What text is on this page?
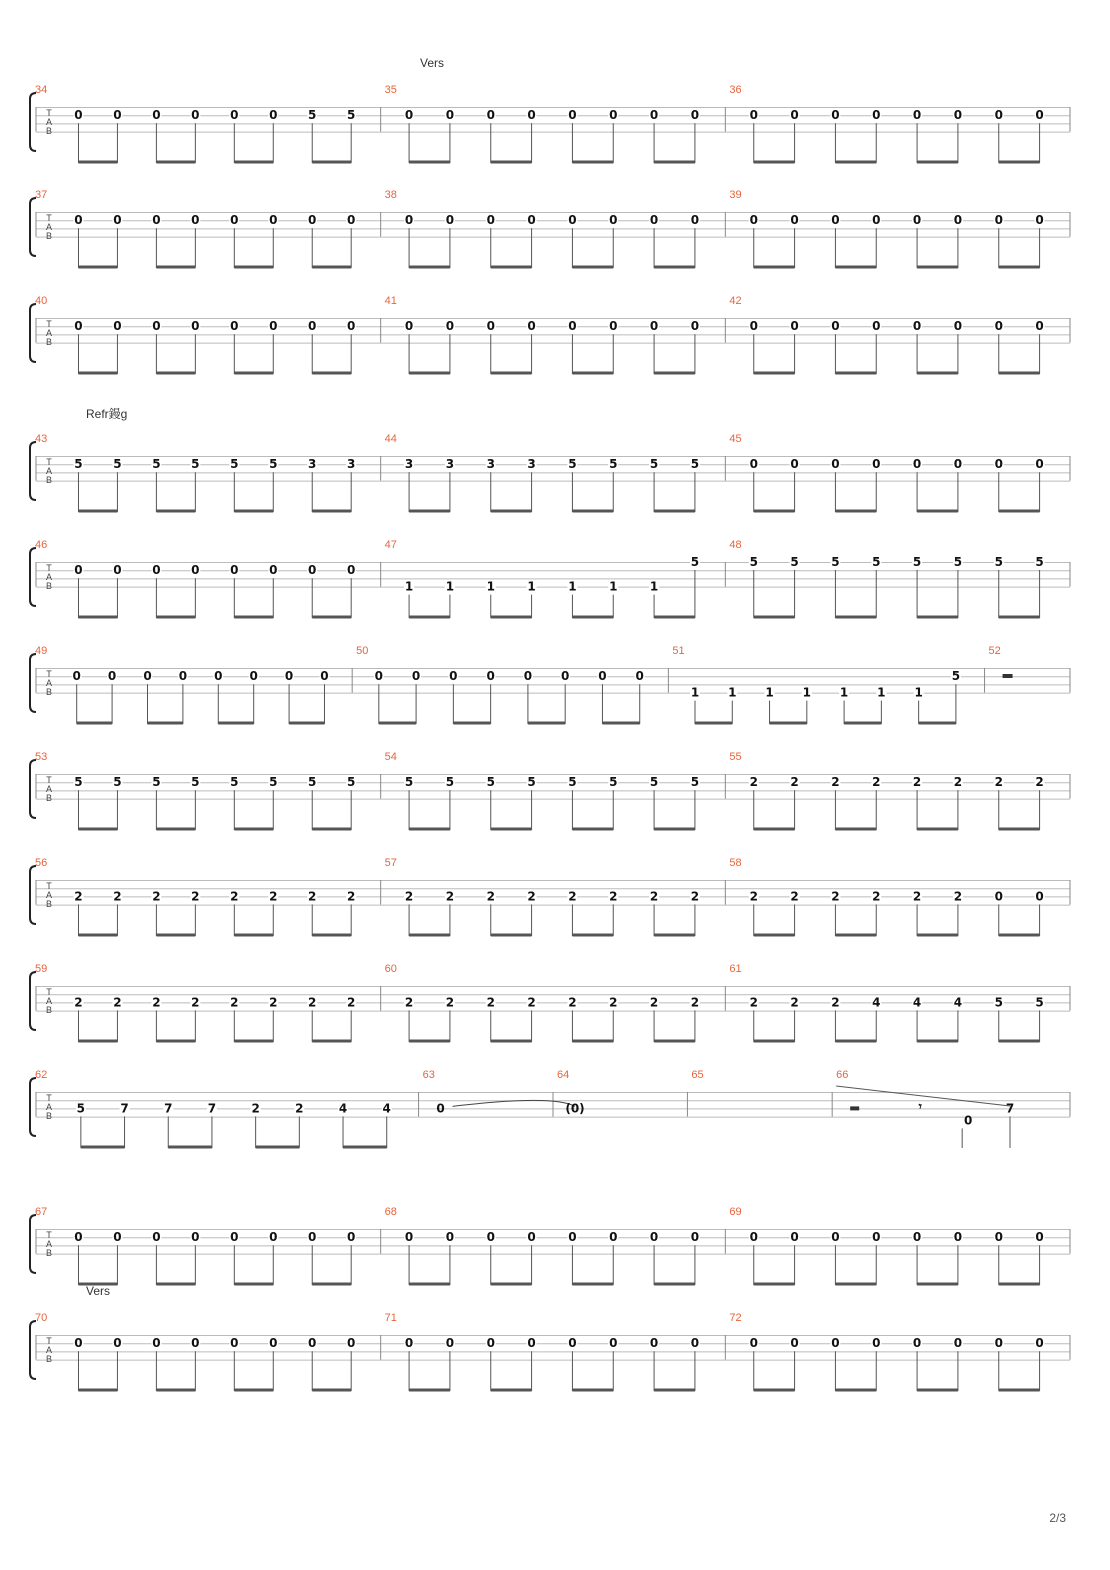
T
A
B
34
0	0	0	0	0	0	5	5
35
0	0	0	0	0	0	0	0
36
0	0	0	0	0	0	0	0
T
A
B
37
0	0	0	0	0	0	0	0
38
0	0	0	0	0	0	0	0
39
0	0	0	0	0	0	0	0
T
A
B
40
0	0	0	0	0	0	0	0
41
0	0	0	0	0	0	0	0
42
0	0	0	0	0	0	0	0
T
A
B
43
5	5	5	5	5	5	3	3
44
3	3	3	3	5	5	5	5
45
0	0	0	0	0	0	0	0
T
A
B
46
0	0	0	0	0	0	0	0
47
1	1	1	1	1	1	1
5
48
5	5	5	5	5	5	5	5
T
A
B
49
0 0 0 0 0 0 0 0
50
0 0 0 0 0 0 0 0
51
1 1 1 1 1 1 1
5
52
T
A
B
53
5	5	5	5	5	5	5	5
54
5	5	5	5	5	5	5	5
55
2	2	2	2	2	2	2	2
T
A
B
56
2	2	2	2	2	2	2	2
57
2	2	2	2	2	2	2	2
58
2	2	2	2	2	2	0	0
T
A
B
59
2	2	2	2	2	2	2	2
60
2	2	2	2	2	2	2	2
61
2	2	2	4	4	4	5	5
T
A
B
62
5	7	7	7	2	2	4	4
63
0
64
(0)
65	66
𝄾
0
7
T
A
B
67
0	0	0	0	0	0	0	0
68
0	0	0	0	0	0	0	0
69
0	0	0	0	0	0	0	0
T
A
B
70
0	0	0	0	0	0	0	0
71
0	0	0	0	0	0	0	0
72
0	0	0	0	0	0	0	0
2/3
Vers
Refr鏝g
Vers
